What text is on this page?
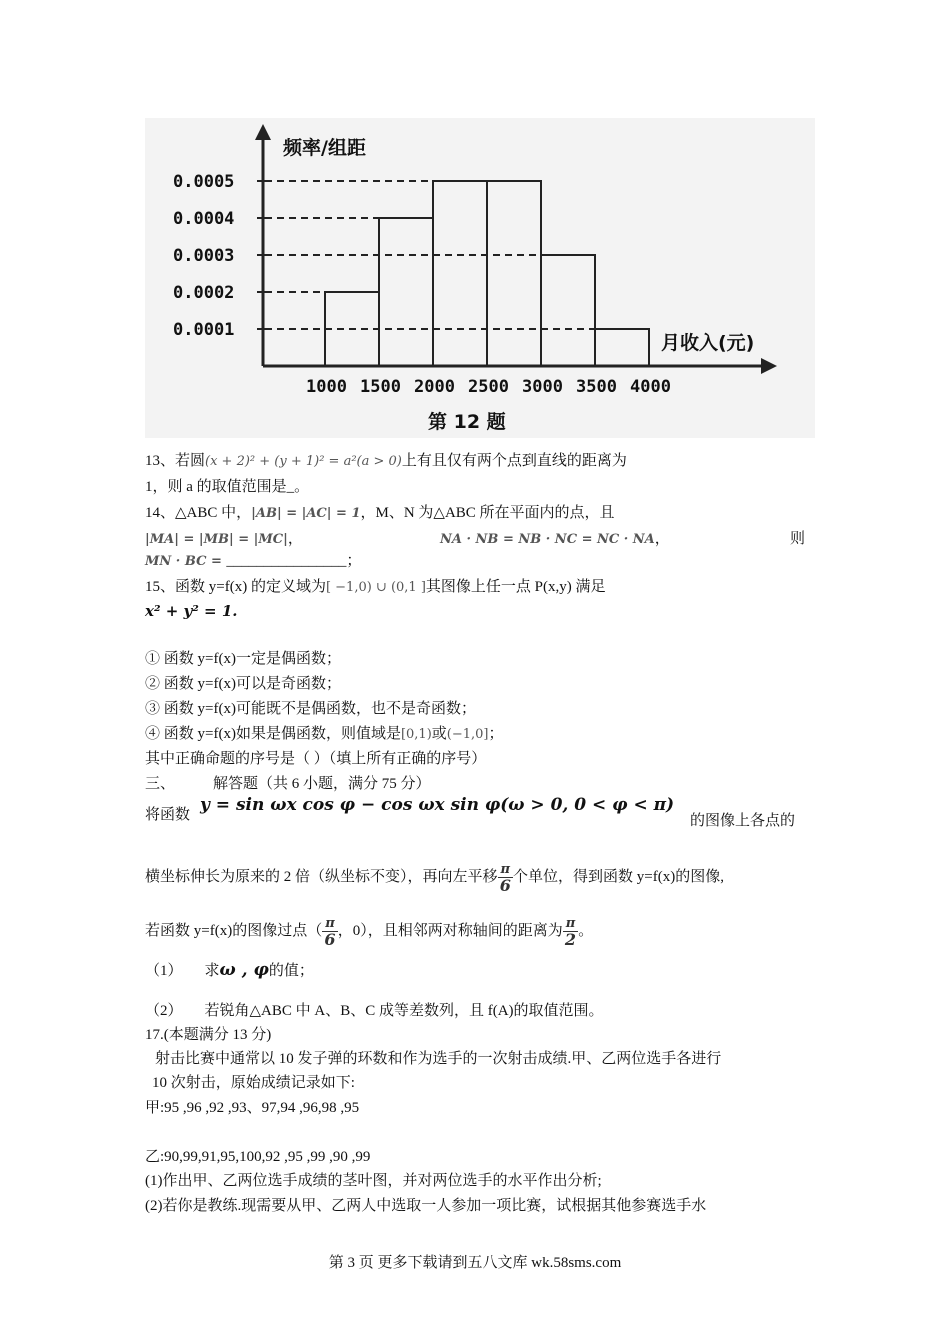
频率/组距
月收入(元)
第 12 题
0.0005
0.0004
0.0003
0.0002
0.0001
1000 1500 2000 2500 3000 3500 4000
13、若圆(x + 2)² + (y + 1)² = a²(a > 0)上有且仅有两个点到直线的距离为
1，则 a 的取值范围是_。
14、△ABC 中，|AB| = |AC| = 1，M、N 为△ABC 所在平面内的点，且
|MA| = |MB| = |MC|，	NA · NB = NB · NC = NC · NA，	则
MN · BC = ________________；
15、函数 y=f(x) 的定义域为[ −1,0) ∪ (0,1 ]其图像上任一点 P(x,y) 满足
x² + y² = 1.
① 函数 y=f(x)一定是偶函数；
② 函数 y=f(x)可以是奇函数；
③ 函数 y=f(x)可能既不是偶函数，也不是奇函数；
④ 函数 y=f(x)如果是偶函数，则值域是[0,1)或(−1,0]；
其中正确命题的序号是（ ）（填上所有正确的序号）
三、	解答题（共 6 小题，满分 75 分）
将函数 y = sin ωx cos φ − cos ωx sin φ(ω > 0, 0 < φ < π)
的图像上各点的
横坐标伸长为原来的 2 倍（纵坐标不变），再向左平移 $\frac{\pi}{6}$ 个单位，得到函数 y=f(x)的图像,
若函数 y=f(x)的图像过点（ $\frac{\pi}{6}$ ，0），且相邻两对称轴间的距离为 $\frac{\pi}{2}$ 。
（1） 求ω , φ的值；
（2） 若锐角△ABC 中 A、B、C 成等差数列，且 f(A)的取值范围。
17.(本题满分 13 分)
射击比赛中通常以 10 发子弹的环数和作为选手的一次射击成绩.甲、乙两位选手各进行
10 次射击，原始成绩记录如下:
甲:95 ,96 ,92 ,93、97,94 ,96,98 ,95
乙:90,99,91,95,100,92 ,95 ,99 ,90 ,99
(1)作出甲、乙两位选手成绩的茎叶图，并对两位选手的水平作出分析;
(2)若你是教练.现需要从甲、乙两人中选取一人参加一项比赛，试根据其他参赛选手水
第 3 页 更多下载请到五八文库 wk.58sms.com
